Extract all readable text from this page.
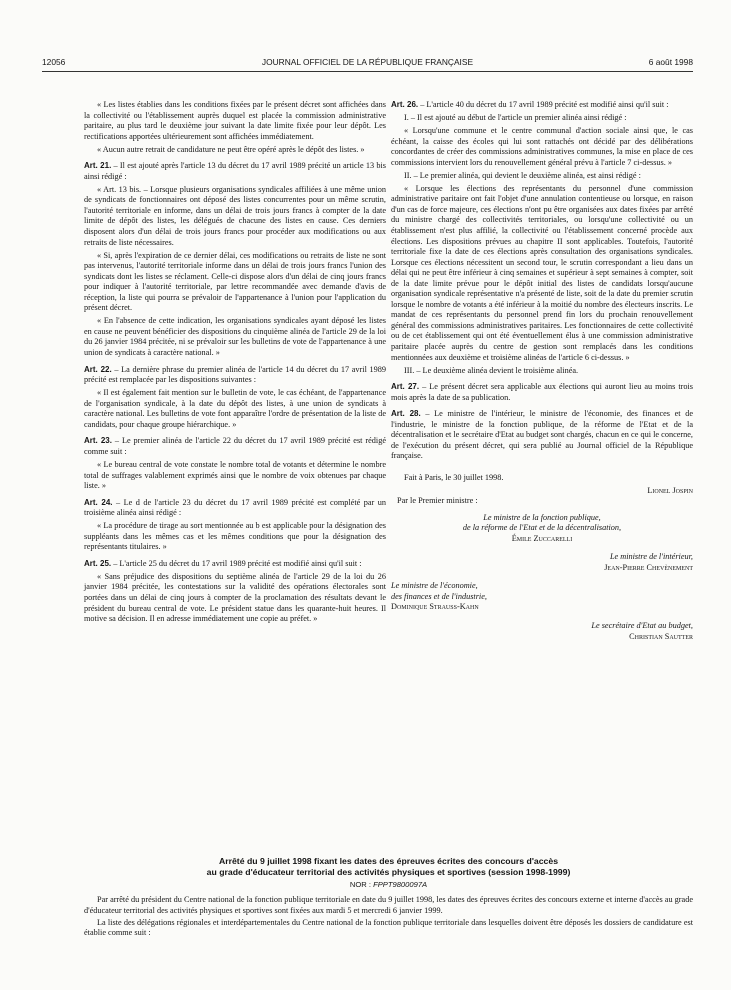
12056	JOURNAL OFFICIEL DE LA RÉPUBLIQUE FRANÇAISE	6 août 1998

« Les listes établies dans les conditions fixées par le présent décret sont affichées dans la collectivité ou l'établissement auprès duquel est placée la commission administrative paritaire, au plus tard le deuxième jour suivant la date limite fixée pour leur dépôt. Les rectifications apportées ultérieurement sont affichées immédiatement.

« Aucun autre retrait de candidature ne peut être opéré après le dépôt des listes. »

Art. 21. – Il est ajouté après l'article 13 du décret du 17 avril 1989 précité un article 13 bis ainsi rédigé :

« Art. 13 bis. – Lorsque plusieurs organisations syndicales affiliées à une même union de syndicats de fonctionnaires ont déposé des listes concurrentes pour un même scrutin, l'autorité territoriale en informe, dans un délai de trois jours francs à compter de la date limite de dépôt des listes, les délégués de chacune des listes en cause. Ces derniers disposent alors d'un délai de trois jours francs pour procéder aux modifications ou aux retraits de liste nécessaires.

« Si, après l'expiration de ce dernier délai, ces modifications ou retraits de liste ne sont pas intervenus, l'autorité territoriale informe dans un délai de trois jours francs l'union des syndicats dont les listes se réclament. Celle-ci dispose alors d'un délai de cinq jours francs pour indiquer à l'autorité territoriale, par lettre recommandée avec demande d'avis de réception, la liste qui pourra se prévaloir de l'appartenance à l'union pour l'application du présent décret.

« En l'absence de cette indication, les organisations syndicales ayant déposé les listes en cause ne peuvent bénéficier des dispositions du cinquième alinéa de l'article 29 de la loi du 26 janvier 1984 précitée, ni se prévaloir sur les bulletins de vote de l'appartenance à une union de syndicats à caractère national. »

Art. 22. – La dernière phrase du premier alinéa de l'article 14 du décret du 17 avril 1989 précité est remplacée par les dispositions suivantes :

« Il est également fait mention sur le bulletin de vote, le cas échéant, de l'appartenance de l'organisation syndicale, à la date du dépôt des listes, à une union de syndicats à caractère national. Les bulletins de vote font apparaître l'ordre de présentation de la liste de candidats, pour chaque groupe hiérarchique. »

Art. 23. – Le premier alinéa de l'article 22 du décret du 17 avril 1989 précité est rédigé comme suit :

« Le bureau central de vote constate le nombre total de votants et détermine le nombre total de suffrages valablement exprimés ainsi que le nombre de voix obtenues par chaque liste. »

Art. 24. – Le d de l'article 23 du décret du 17 avril 1989 précité est complété par un troisième alinéa ainsi rédigé :

« La procédure de tirage au sort mentionnée au b est applicable pour la désignation des suppléants dans les mêmes cas et les mêmes conditions que pour la désignation des représentants titulaires. »

Art. 25. – L'article 25 du décret du 17 avril 1989 précité est modifié ainsi qu'il suit :

« Sans préjudice des dispositions du septième alinéa de l'article 29 de la loi du 26 janvier 1984 précitée, les contestations sur la validité des opérations électorales sont portées dans un délai de cinq jours à compter de la proclamation des résultats devant le président du bureau central de vote. Le président statue dans les quarante-huit heures. Il motive sa décision. Il en adresse immédiatement une copie au préfet. »

Art. 26. – L'article 40 du décret du 17 avril 1989 précité est modifié ainsi qu'il suit :

I. – Il est ajouté au début de l'article un premier alinéa ainsi rédigé :

« Lorsqu'une commune et le centre communal d'action sociale ainsi que, le cas échéant, la caisse des écoles qui lui sont rattachés ont décidé par des délibérations concordantes de créer des commissions administratives communes, la mise en place de ces commissions intervient lors du renouvellement général prévu à l'article 7 ci-dessus. »

II. – Le premier alinéa, qui devient le deuxième alinéa, est ainsi rédigé :

« Lorsque les élections des représentants du personnel d'une commission administrative paritaire ont fait l'objet d'une annulation contentieuse ou lorsque, en raison d'un cas de force majeure, ces élections n'ont pu être organisées aux dates fixées par arrêté du ministre chargé des collectivités territoriales, ou lorsqu'une collectivité ou un établissement n'est plus affilié, la collectivité ou l'établissement concerné procède aux élections. Les dispositions prévues au chapitre II sont applicables. Toutefois, l'autorité territoriale fixe la date de ces élections après consultation des organisations syndicales. Lorsque ces élections nécessitent un second tour, le scrutin correspondant a lieu dans un délai qui ne peut être inférieur à cinq semaines et supérieur à sept semaines à compter, soit de la date limite prévue pour le dépôt initial des listes de candidats lorsqu'aucune organisation syndicale représentative n'a présenté de liste, soit de la date du premier scrutin lorsque le nombre de votants a été inférieur à la moitié du nombre des électeurs inscrits. Le mandat de ces représentants du personnel prend fin lors du prochain renouvellement général des commissions administratives paritaires. Les fonctionnaires de cette collectivité ou de cet établissement qui ont été éventuellement élus à une commission administrative paritaire placée auprès du centre de gestion sont remplacés dans les conditions mentionnées aux deuxième et troisième alinéas de l'article 6 ci-dessus. »

III. – Le deuxième alinéa devient le troisième alinéa.

Art. 27. – Le présent décret sera applicable aux élections qui auront lieu au moins trois mois après la date de sa publication.

Art. 28. – Le ministre de l'intérieur, le ministre de l'économie, des finances et de l'industrie, le ministre de la fonction publique, de la réforme de l'Etat et de la décentralisation et le secrétaire d'Etat au budget sont chargés, chacun en ce qui le concerne, de l'exécution du présent décret, qui sera publié au Journal officiel de la République française.

Fait à Paris, le 30 juillet 1998.

Lionel Jospin

Par le Premier ministre :

Le ministre de la fonction publique,

de la réforme de l'Etat et de la décentralisation,

Émile Zuccarelli

Le ministre de l'intérieur,

Jean-Pierre Chevènement

Le ministre de l'économie,

des finances et de l'industrie,

Dominique Strauss-Kahn

Le secrétaire d'Etat au budget,

Christian Sautter

Arrêté du 9 juillet 1998 fixant les dates des épreuves écrites des concours d'accès
au grade d'éducateur territorial des activités physiques et sportives (session 1998-1999)

NOR : FPPT9800097A

Par arrêté du président du Centre national de la fonction publique territoriale en date du 9 juillet 1998, les dates des épreuves écrites des concours externe et interne d'accès au grade d'éducateur territorial des activités physiques et sportives sont fixées aux mardi 5 et mercredi 6 janvier 1999.

La liste des délégations régionales et interdépartementales du Centre national de la fonction publique territoriale dans lesquelles doivent être déposés les dossiers de candidature est établie comme suit :
